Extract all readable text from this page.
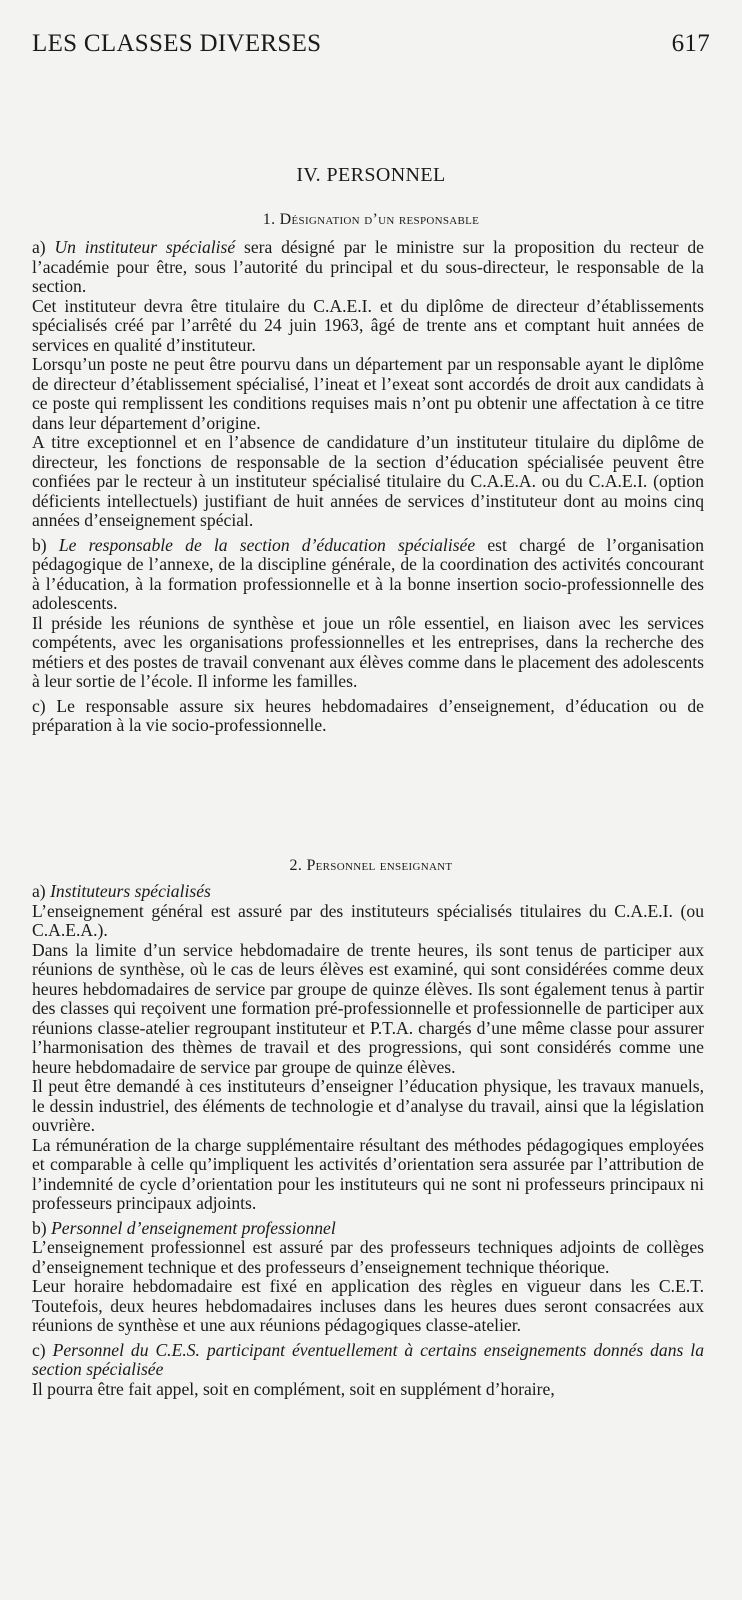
LES CLASSES DIVERSES	617
IV. PERSONNEL
1. Désignation d’un responsable

a) Un instituteur spécialisé sera désigné par le ministre sur la proposition du recteur de l’académie pour être, sous l’autorité du principal et du sous-directeur, le responsable de la section.

Cet instituteur devra être titulaire du C.A.E.I. et du diplôme de directeur d’établissements spécialisés créé par l’arrêté du 24 juin 1963, âgé de trente ans et comptant huit années de services en qualité d’instituteur.

Lorsqu’un poste ne peut être pourvu dans un département par un responsable ayant le diplôme de directeur d’établissement spécialisé, l’ineat et l’exeat sont accordés de droit aux candidats à ce poste qui remplissent les conditions requises mais n’ont pu obtenir une affectation à ce titre dans leur département d’origine.

A titre exceptionnel et en l’absence de candidature d’un instituteur titulaire du diplôme de directeur, les fonctions de responsable de la section d’éducation spécialisée peuvent être confiées par le recteur à un instituteur spécialisé titulaire du C.A.E.A. ou du C.A.E.I. (option déficients intellectuels) justifiant de huit années de services d’instituteur dont au moins cinq années d’enseignement spécial.

b) Le responsable de la section d’éducation spécialisée est chargé de l’organisation pédagogique de l’annexe, de la discipline générale, de la coordination des activités concourant à l’éducation, à la formation professionnelle et à la bonne insertion socio-professionnelle des adolescents.

Il préside les réunions de synthèse et joue un rôle essentiel, en liaison avec les services compétents, avec les organisations professionnelles et les entreprises, dans la recherche des métiers et des postes de travail convenant aux élèves comme dans le placement des adolescents à leur sortie de l’école. Il informe les familles.

c) Le responsable assure six heures hebdomadaires d’enseignement, d’éducation ou de préparation à la vie socio-professionnelle.

2. Personnel enseignant

a) Instituteurs spécialisés

L’enseignement général est assuré par des instituteurs spécialisés titulaires du C.A.E.I. (ou C.A.E.A.).

Dans la limite d’un service hebdomadaire de trente heures, ils sont tenus de participer aux réunions de synthèse, où le cas de leurs élèves est examiné, qui sont considérées comme deux heures hebdomadaires de service par groupe de quinze élèves. Ils sont également tenus à partir des classes qui reçoivent une formation pré-professionnelle et professionnelle de participer aux réunions classe-atelier regroupant instituteur et P.T.A. chargés d’une même classe pour assurer l’harmonisation des thèmes de travail et des progressions, qui sont considérés comme une heure hebdomadaire de service par groupe de quinze élèves.

Il peut être demandé à ces instituteurs d’enseigner l’éducation physique, les travaux manuels, le dessin industriel, des éléments de technologie et d’analyse du travail, ainsi que la législation ouvrière.

La rémunération de la charge supplémentaire résultant des méthodes pédagogiques employées et comparable à celle qu’impliquent les activités d’orientation sera assurée par l’attribution de l’indemnité de cycle d’orientation pour les instituteurs qui ne sont ni professeurs principaux ni professeurs principaux adjoints.

b) Personnel d’enseignement professionnel

L’enseignement professionnel est assuré par des professeurs techniques adjoints de collèges d’enseignement technique et des professeurs d’enseignement technique théorique.

Leur horaire hebdomadaire est fixé en application des règles en vigueur dans les C.E.T. Toutefois, deux heures hebdomadaires incluses dans les heures dues seront consacrées aux réunions de synthèse et une aux réunions pédagogiques classe-atelier.

c) Personnel du C.E.S. participant éventuellement à certains enseignements donnés dans la section spécialisée

Il pourra être fait appel, soit en complément, soit en supplément d’horaire,
